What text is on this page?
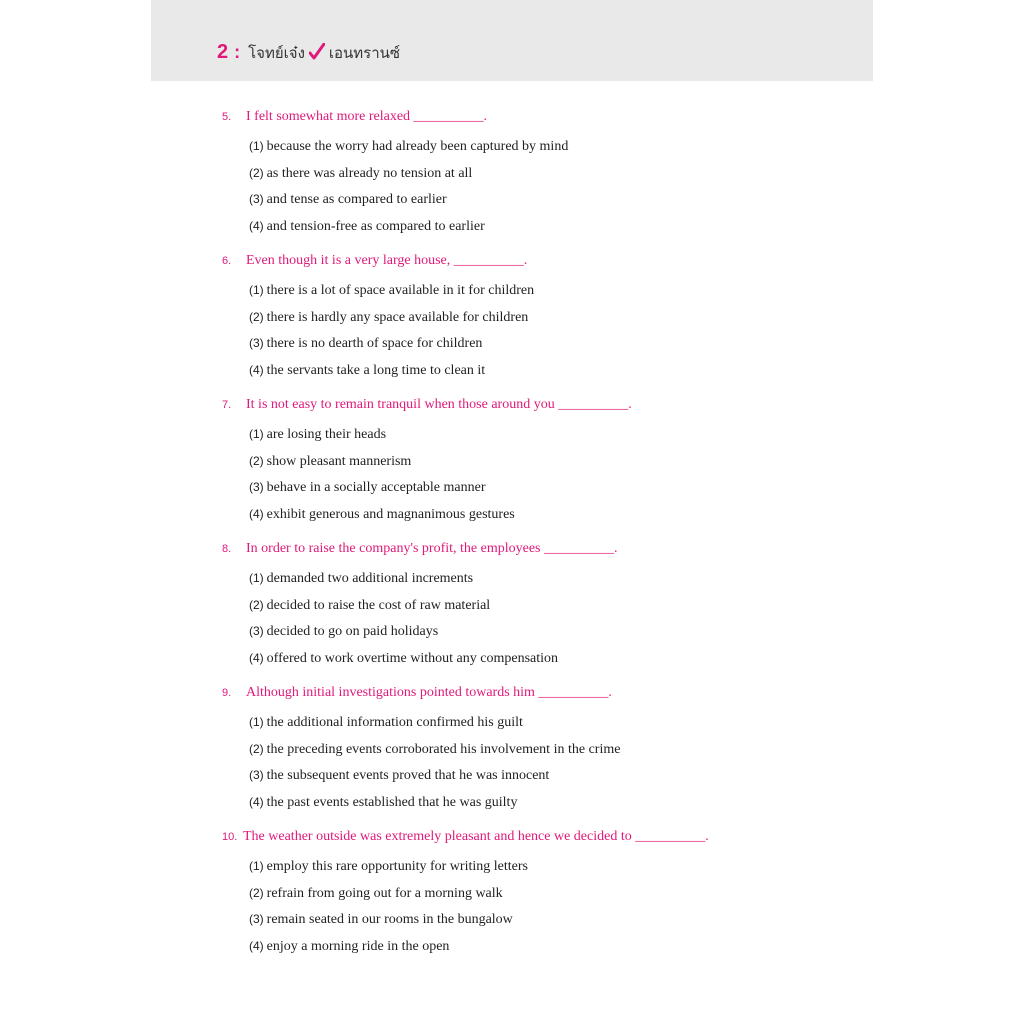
2 : โจทย์เจ๋ง เอนทรานซ์
5. I felt somewhat more relaxed __________.
(1) because the worry had already been captured by mind
(2) as there was already no tension at all
(3) and tense as compared to earlier
(4) and tension-free as compared to earlier
6. Even though it is a very large house, __________.
(1) there is a lot of space available in it for children
(2) there is hardly any space available for children
(3) there is no dearth of space for children
(4) the servants take a long time to clean it
7. It is not easy to remain tranquil when those around you __________.
(1) are losing their heads
(2) show pleasant mannerism
(3) behave in a socially acceptable manner
(4) exhibit generous and magnanimous gestures
8. In order to raise the company's profit, the employees __________.
(1) demanded two additional increments
(2) decided to raise the cost of raw material
(3) decided to go on paid holidays
(4) offered to work overtime without any compensation
9. Although initial investigations pointed towards him __________.
(1) the additional information confirmed his guilt
(2) the preceding events corroborated his involvement in the crime
(3) the subsequent events proved that he was innocent
(4) the past events established that he was guilty
10. The weather outside was extremely pleasant and hence we decided to __________.
(1) employ this rare opportunity for writing letters
(2) refrain from going out for a morning walk
(3) remain seated in our rooms in the bungalow
(4) enjoy a morning ride in the open
